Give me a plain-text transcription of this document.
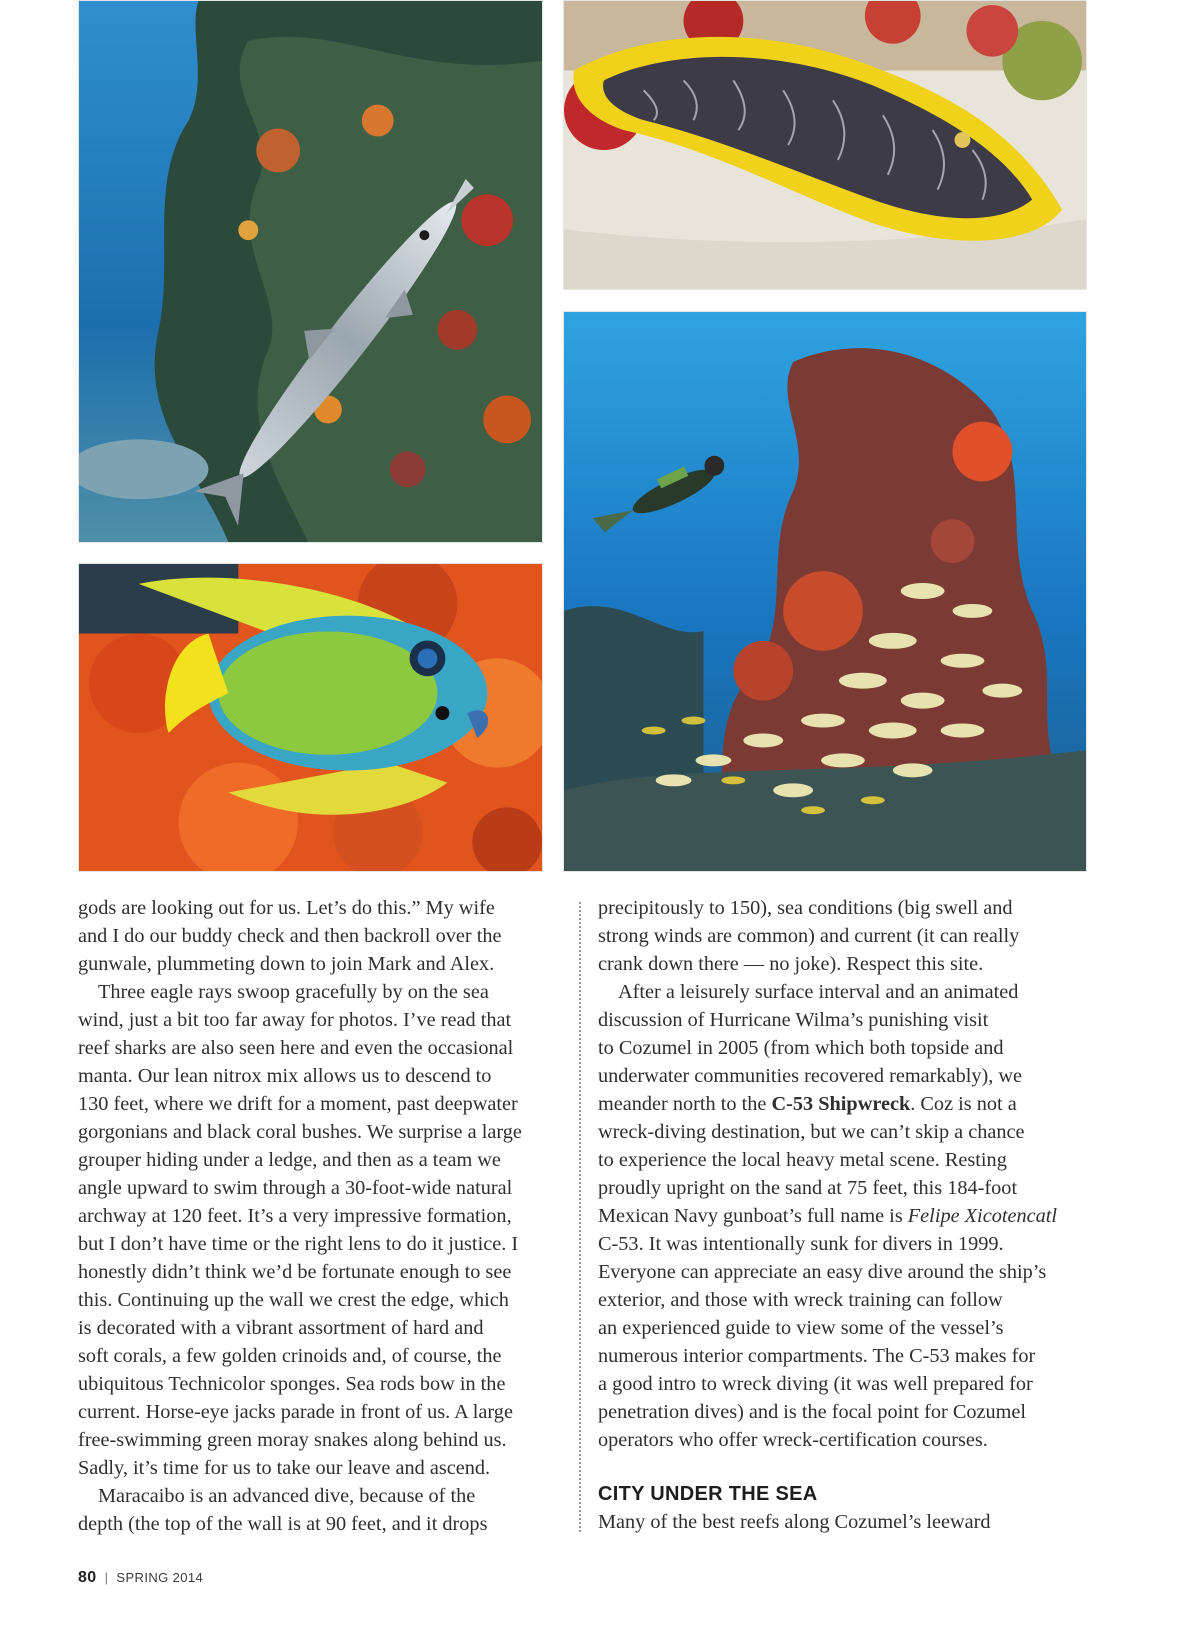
gods are looking out for us. Let’s do this.” My wife
and I do our buddy check and then backroll over the
gunwale, plummeting down to join Mark and Alex.

Three eagle rays swoop gracefully by on the sea
wind, just a bit too far away for photos. I’ve read that
reef sharks are also seen here and even the occasional
manta. Our lean nitrox mix allows us to descend to
130 feet, where we drift for a moment, past deepwater
gorgonians and black coral bushes. We surprise a large
grouper hiding under a ledge, and then as a team we
angle upward to swim through a 30-foot-wide natural
archway at 120 feet. It’s a very impressive formation,
but I don’t have time or the right lens to do it justice. I
honestly didn’t think we’d be fortunate enough to see
this. Continuing up the wall we crest the edge, which
is decorated with a vibrant assortment of hard and
soft corals, a few golden crinoids and, of course, the
ubiquitous Technicolor sponges. Sea rods bow in the
current. Horse-eye jacks parade in front of us. A large
free-swimming green moray snakes along behind us.
Sadly, it’s time for us to take our leave and ascend.

Maracaibo is an advanced dive, because of the
depth (the top of the wall is at 90 feet, and it drops

precipitously to 150), sea conditions (big swell and
strong winds are common) and current (it can really
crank down there — no joke). Respect this site.

After a leisurely surface interval and an animated
discussion of Hurricane Wilma’s punishing visit
to Cozumel in 2005 (from which both topside and
underwater communities recovered remarkably), we
meander north to the C-53 Shipwreck. Coz is not a
wreck-diving destination, but we can’t skip a chance
to experience the local heavy metal scene. Resting
proudly upright on the sand at 75 feet, this 184-foot
Mexican Navy gunboat’s full name is Felipe Xicotencatl
C-53. It was intentionally sunk for divers in 1999.
Everyone can appreciate an easy dive around the ship’s
exterior, and those with wreck training can follow
an experienced guide to view some of the vessel’s
numerous interior compartments. The C-53 makes for
a good intro to wreck diving (it was well prepared for
penetration dives) and is the focal point for Cozumel
operators who offer wreck-certification courses.

CITY UNDER THE SEA

Many of the best reefs along Cozumel’s leeward

80 | SPRING 2014
